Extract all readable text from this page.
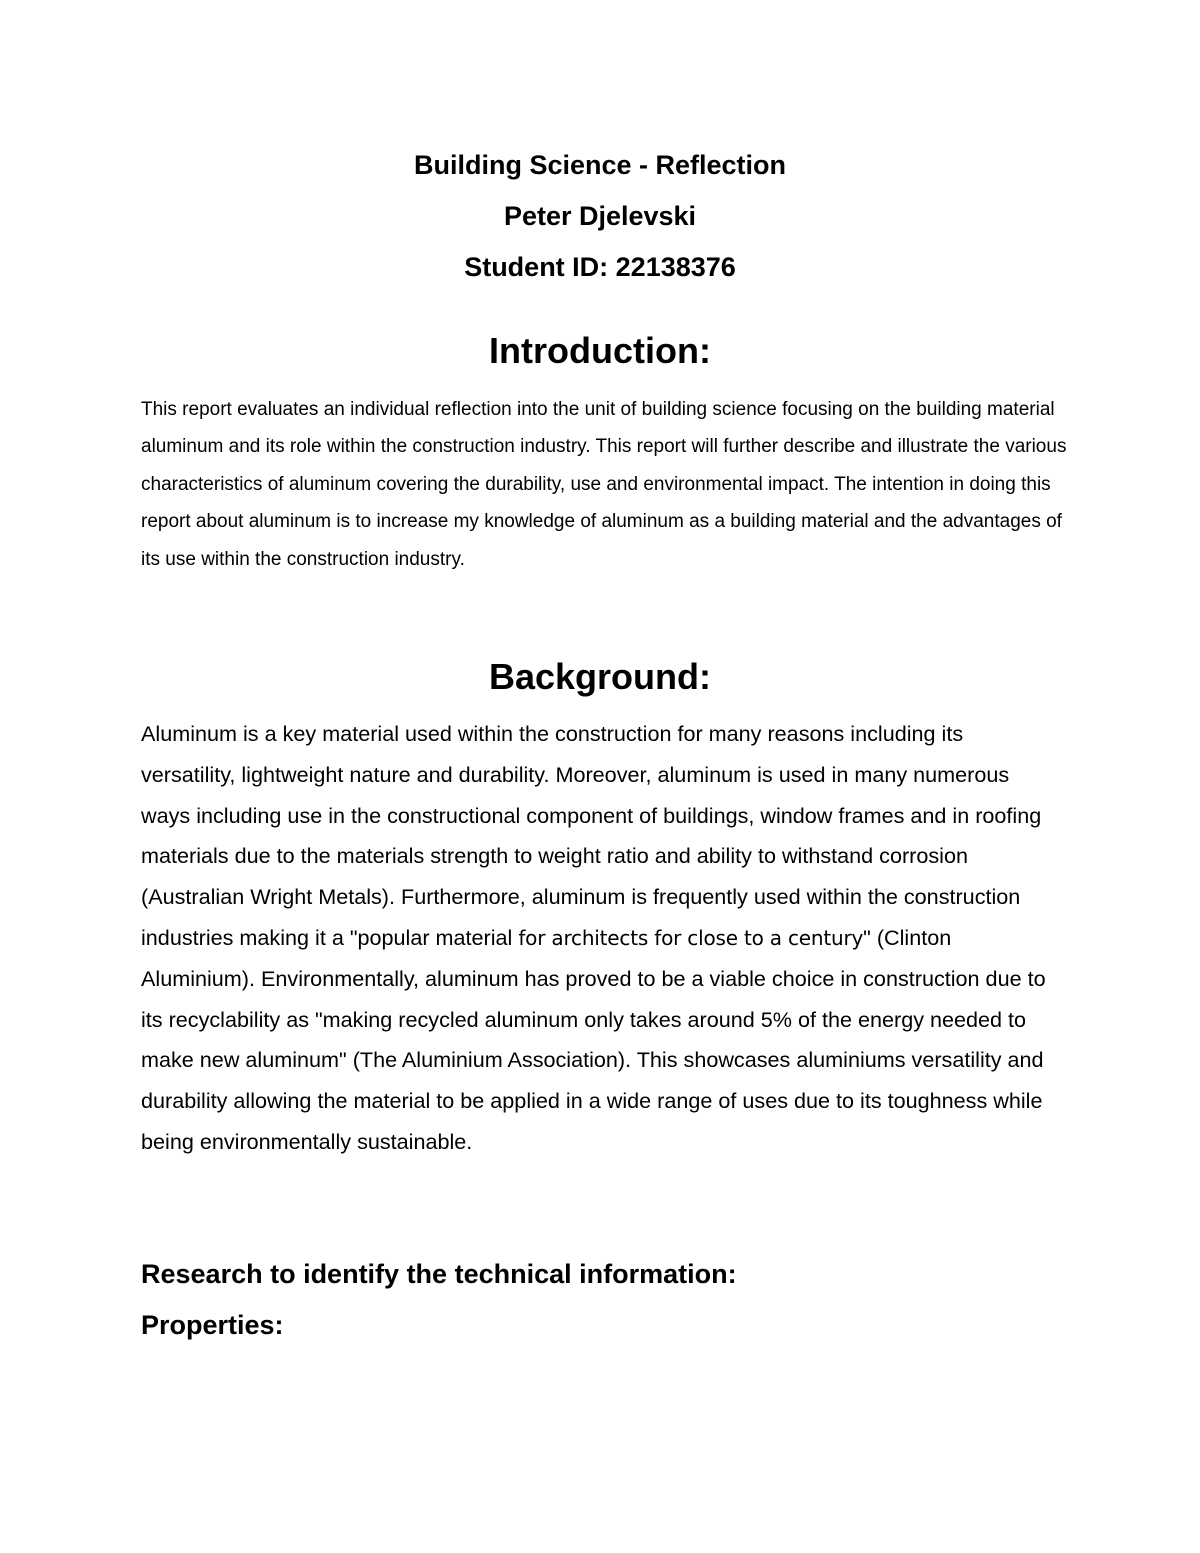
Building Science - Reflection

Peter Djelevski

Student ID: 22138376

Introduction:

This report evaluates an individual reflection into the unit of building science focusing on the building material aluminum and its role within the construction industry. This report will further describe and illustrate the various characteristics of aluminum covering the durability, use and environmental impact. The intention in doing this report about aluminum is to increase my knowledge of aluminum as a building material and the advantages of its use within the construction industry.

Background:

Aluminum is a key material used within the construction for many reasons including its versatility, lightweight nature and durability. Moreover, aluminum is used in many numerous ways including use in the constructional component of buildings, window frames and in roofing materials due to the materials strength to weight ratio and ability to withstand corrosion (Australian Wright Metals). Furthermore, aluminum is frequently used within the construction industries making it a "popular material for architects for close to a century" (Clinton Aluminium). Environmentally, aluminum has proved to be a viable choice in construction due to its recyclability as "making recycled aluminum only takes around 5% of the energy needed to make new aluminum" (The Aluminium Association). This showcases aluminiums versatility and durability allowing the material to be applied in a wide range of uses due to its toughness while being environmentally sustainable.

Research to identify the technical information:
Properties:
